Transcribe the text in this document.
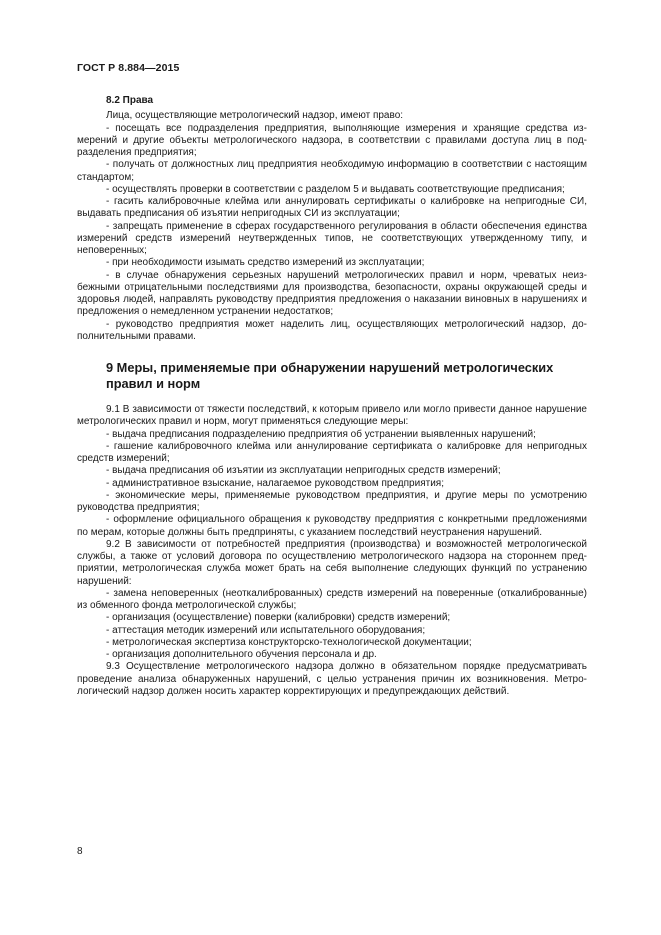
ГОСТ Р 8.884—2015
8.2 Права

Лица, осуществляющие метрологический надзор, имеют право:

- посещать все подразделения предприятия, выполняющие измерения и хранящие средства измерений и другие объекты метрологического надзора, в соответствии с правилами доступа лиц в подразделения предприятия;

- получать от должностных лиц предприятия необходимую информацию в соответствии с настоящим стандартом;

- осуществлять проверки в соответствии с разделом 5 и выдавать соответствующие предписания;

- гасить калибровочные клейма или аннулировать сертификаты о калибровке на непригодные СИ, выдавать предписания об изъятии непригодных СИ из эксплуатации;

- запрещать применение в сферах государственного регулирования в области обеспечения единства измерений средств измерений неутвержденных типов, не соответствующих утвержденному типу, и неповеренных;

- при необходимости изымать средство измерений из эксплуатации;

- в случае обнаружения серьезных нарушений метрологических правил и норм, чреватых неизбежными отрицательными последствиями для производства, безопасности, охраны окружающей среды и здоровья людей, направлять руководству предприятия предложения о наказании виновных в нарушениях и предложения о немедленном устранении недостатков;

- руководство предприятия может наделить лиц, осуществляющих метрологический надзор, дополнительными правами.

9 Меры, применяемые при обнаружении нарушений метрологических
правил и норм

9.1 В зависимости от тяжести последствий, к которым привело или могло привести данное нарушение метрологических правил и норм, могут применяться следующие меры:

- выдача предписания подразделению предприятия об устранении выявленных нарушений;

- гашение калибровочного клейма или аннулирование сертификата о калибровке для непригодных средств измерений;

- выдача предписания об изъятии из эксплуатации непригодных средств измерений;

- административное взыскание, налагаемое руководством предприятия;

- экономические меры, применяемые руководством предприятия, и другие меры по усмотрению руководства предприятия;

- оформление официального обращения к руководству предприятия с конкретными предложениями по мерам, которые должны быть предприняты, с указанием последствий неустранения нарушений.

9.2 В зависимости от потребностей предприятия (производства) и возможностей метрологической службы, а также от условий договора по осуществлению метрологического надзора на стороннем предприятии, метрологическая служба может брать на себя выполнение следующих функций по устранению нарушений:

- замена неповеренных (неоткалиброванных) средств измерений на поверенные (откалиброванные) из обменного фонда метрологической службы;

- организация (осуществление) поверки (калибровки) средств измерений;

- аттестация методик измерений или испытательного оборудования;

- метрологическая экспертиза конструкторско-технологической документации;

- организация дополнительного обучения персонала и др.

9.3 Осуществление метрологического надзора должно в обязательном порядке предусматривать проведение анализа обнаруженных нарушений, с целью устранения причин их возникновения. Метрологический надзор должен носить характер корректирующих и предупреждающих действий.

8
